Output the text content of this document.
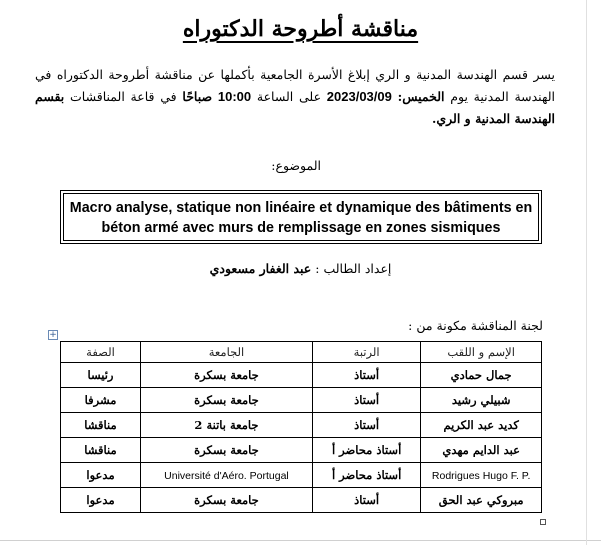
مناقشة أطروحة الدكتوراه
يسر قسم الهندسة المدنية و الري إبلاغ الأسرة الجامعية بأكملها عن مناقشة أطروحة الدكتوراه في الهندسة المدنية يوم الخميس: 2023/03/09 على الساعة 10:00 صباحًا في قاعة المناقشات بقسم الهندسة المدنية و الري.
الموضوع:
Macro analyse, statique non linéaire et dynamique des bâtiments en béton armé avec murs de remplissage en zones sismiques
إعداد الطالب : عبد الغفار مسعودي
لجنة المناقشة مكونة من :
+
الإسم و اللقب	الرتبة	الجامعة	الصفة
جمال حمادي	أستاذ	جامعة بسكرة	رئيسا
شبيلي رشيد	أستاذ	جامعة بسكرة	مشرفا
كديد عبد الكريم	أستاذ	جامعة باتنة 2	مناقشا
عبد الدايم مهدي	أستاذ محاضر أ	جامعة بسكرة	مناقشا
Rodrigues Hugo F. P.	أستاذ محاضر أ	Université d'Aéro. Portugal	مدعوا
مبروكي عبد الحق	أستاذ	جامعة بسكرة	مدعوا
